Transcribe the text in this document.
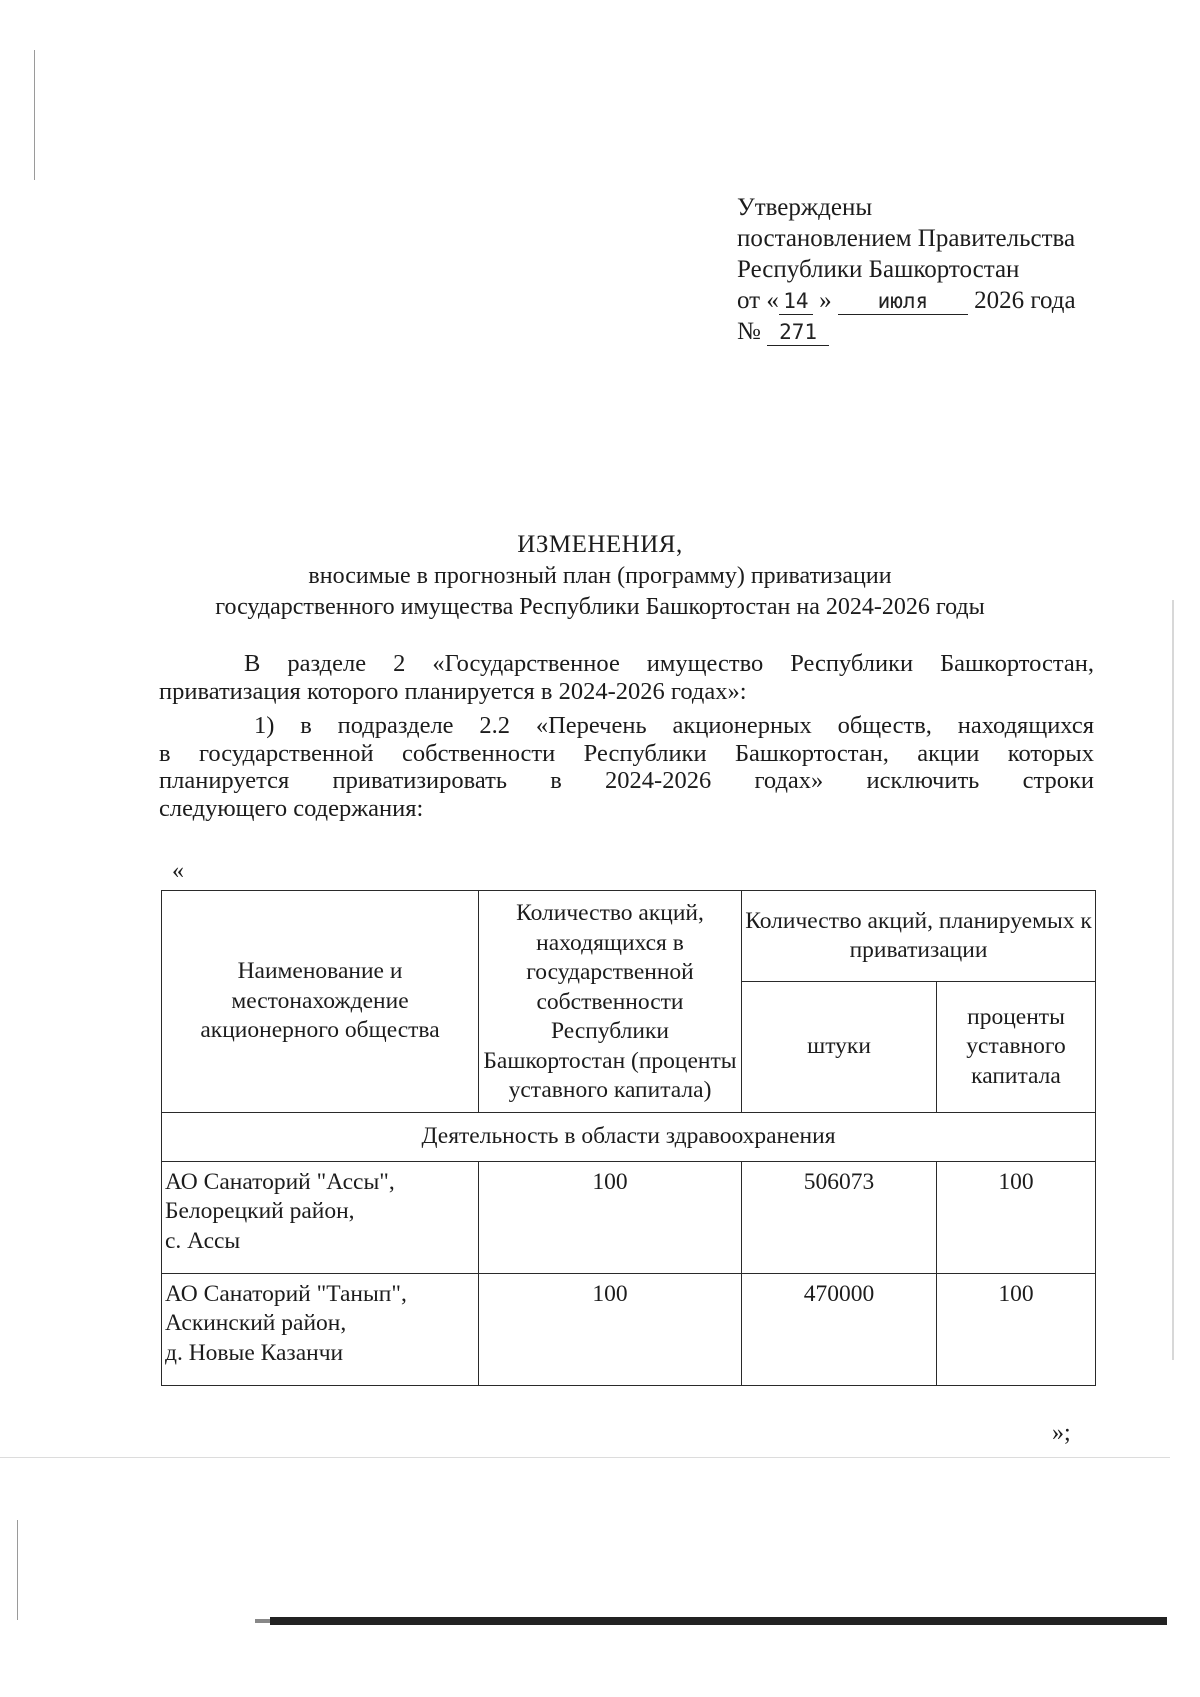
Утверждены
постановлением Правительства
Республики Башкортостан
от « 14 » июля 2026 года
№ 271
ИЗМЕНЕНИЯ,
вносимые в прогнозный план (программу) приватизации
государственного имущества Республики Башкортостан на 2024-2026 годы
В разделе 2 «Государственное имущество Республики Башкортостан,
приватизация которого планируется в 2024-2026 годах»:
1) в подразделе 2.2 «Перечень акционерных обществ, находящихся
в государственной собственности Республики Башкортостан, акции которых
планируется приватизировать в 2024-2026 годах» исключить строки
следующего содержания:
«
Наименование и местонахождение акционерного общества	Количество акций, находящихся в государственной собственности Республики Башкортостан (проценты уставного капитала)	Количество акций, планируемых к приватизации	
		штуки	проценты уставного капитала
Деятельность в области здравоохранения			

АО Санаторий "Ассы",
Белорецкий район,
с. Ассы	100	506073	100

АО Санаторий "Танып",
Аскинский район,
д. Новые Казанчи	100	470000	100
»;
